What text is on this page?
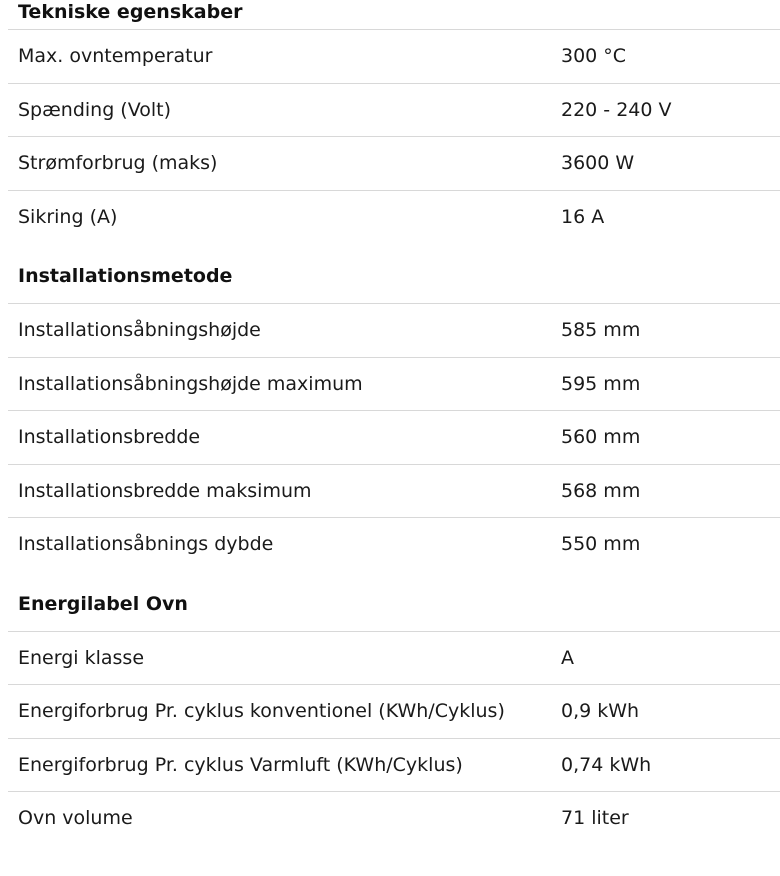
Tekniske egenskaber
Max. ovntemperatur	300 °C
Spænding (Volt)	220 - 240 V
Strømforbrug (maks)	3600 W
Sikring (A)	16 A
Installationsmetode
Installationsåbningshøjde	585 mm
Installationsåbningshøjde maximum	595 mm
Installationsbredde	560 mm
Installationsbredde maksimum	568 mm
Installationsåbnings dybde	550 mm
Energilabel Ovn
Energi klasse	A
Energiforbrug Pr. cyklus konventionel (KWh/Cyklus)	0,9 kWh
Energiforbrug Pr. cyklus Varmluft (KWh/Cyklus)	0,74 kWh
Ovn volume	71 liter
